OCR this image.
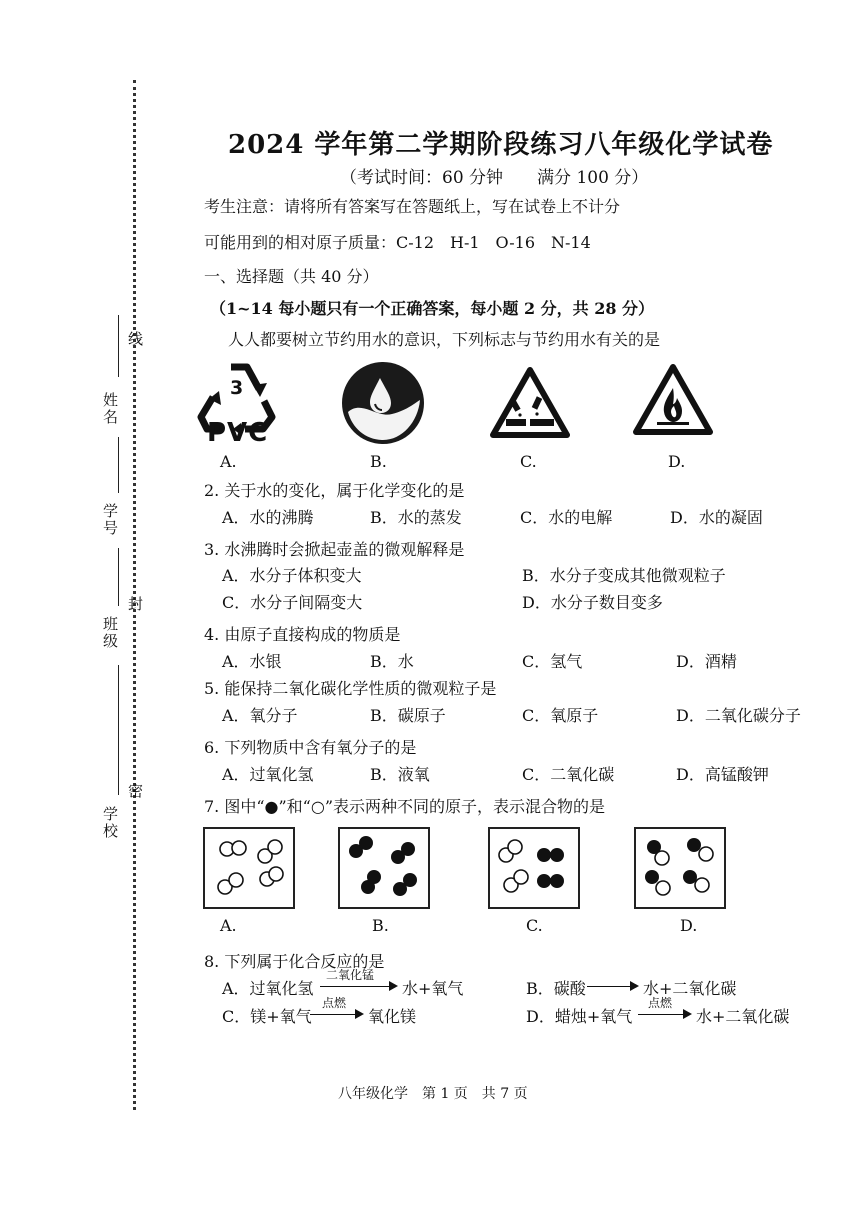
线
封
密
姓名
学号
班级
学校
2024 学年第二学期阶段练习八年级化学试卷
（考试时间：60 分钟　　满分 100 分）
考生注意：请将所有答案写在答题纸上，写在试卷上不计分
可能用到的相对原子质量：C-12　H-1　O-16　N-14
一、选择题（共 40 分）
（1~14 每小题只有一个正确答案，每小题 2 分，共 28 分）
人人都要树立节约用水的意识，下列标志与节约用水有关的是
3
PVC
A.	B.	C.	D.
2. 关于水的变化，属于化学变化的是
A．水的沸腾	B．水的蒸发	C．水的电解	D．水的凝固
3. 水沸腾时会掀起壶盖的微观解释是
A．水分子体积变大	B．水分子变成其他微观粒子
C．水分子间隔变大	D．水分子数目变多
4. 由原子直接构成的物质是
A．水银	B．水	C．氢气	D．酒精
5. 能保持二氧化碳化学性质的微观粒子是
A．氧分子	B．碳原子	C．氧原子	D．二氧化碳分子
6. 下列物质中含有氧分子的是
A．过氧化氢	B．液氧	C．二氧化碳	D．高锰酸钾
7. 图中“●”和“○”表示两种不同的原子，表示混合物的是
A.	B.	C.	D.
8. 下列属于化合反应的是
A．过氧化氢
二氧化锰
水+氧气	B．碳酸	水+二氧化碳
C．镁+氧气
点燃
氧化镁	D．蜡烛+氧气
点燃
水+二氧化碳
八年级化学　第 1 页　共 7 页
